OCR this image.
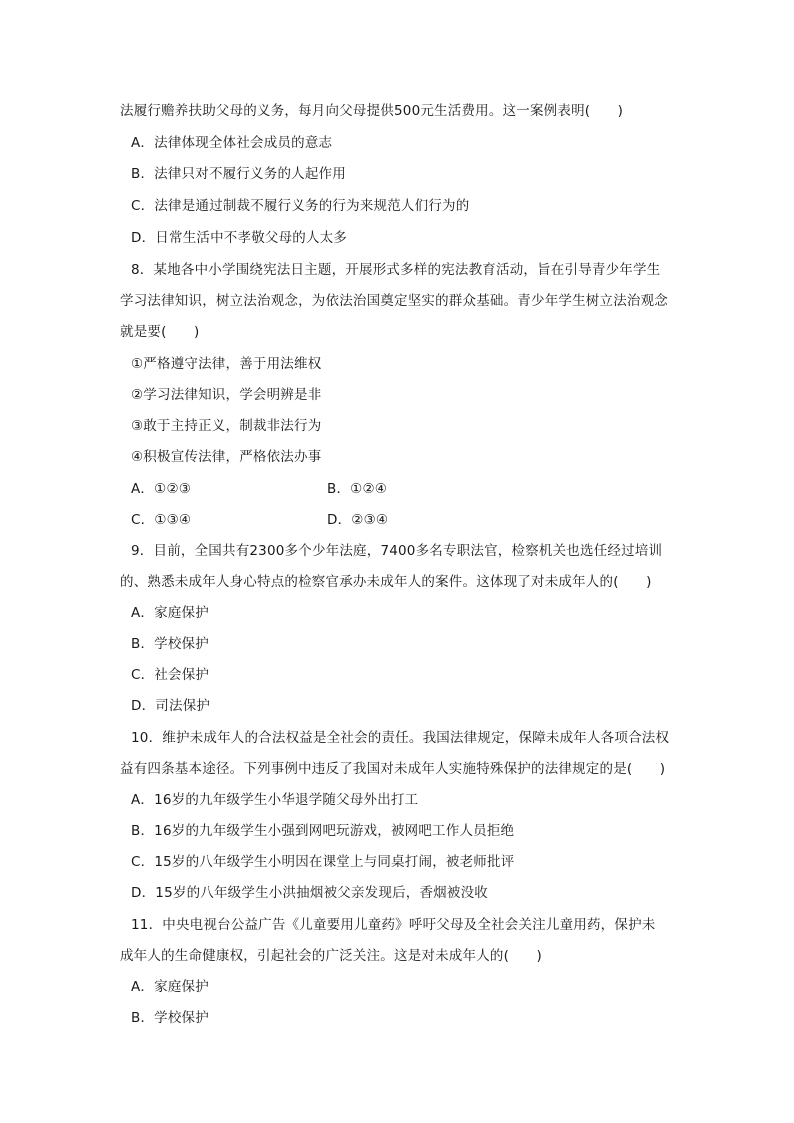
法履行赡养扶助父母的义务，每月向父母提供500元生活费用。这一案例表明(　　)
A．法律体现全体社会成员的意志
B．法律只对不履行义务的人起作用
C．法律是通过制裁不履行义务的行为来规范人们行为的
D．日常生活中不孝敬父母的人太多
8．某地各中小学围绕宪法日主题，开展形式多样的宪法教育活动，旨在引导青少年学生
学习法律知识，树立法治观念，为依法治国奠定坚实的群众基础。青少年学生树立法治观念
就是要(　　)
①严格遵守法律，善于用法维权
②学习法律知识，学会明辨是非
③敢于主持正义，制裁非法行为
④积极宣传法律，严格依法办事
A．①②③	B．①②④
C．①③④	D．②③④
9．目前，全国共有2300多个少年法庭，7400多名专职法官，检察机关也选任经过培训
的、熟悉未成年人身心特点的检察官承办未成年人的案件。这体现了对未成年人的(　　)
A．家庭保护
B．学校保护
C．社会保护
D．司法保护
10．维护未成年人的合法权益是全社会的责任。我国法律规定，保障未成年人各项合法权
益有四条基本途径。下列事例中违反了我国对未成年人实施特殊保护的法律规定的是(　　)
A．16岁的九年级学生小华退学随父母外出打工
B．16岁的九年级学生小强到网吧玩游戏，被网吧工作人员拒绝
C．15岁的八年级学生小明因在课堂上与同桌打闹，被老师批评
D．15岁的八年级学生小洪抽烟被父亲发现后，香烟被没收
11．中央电视台公益广告《儿童要用儿童药》呼吁父母及全社会关注儿童用药，保护未
成年人的生命健康权，引起社会的广泛关注。这是对未成年人的(　　)
A．家庭保护
B．学校保护
